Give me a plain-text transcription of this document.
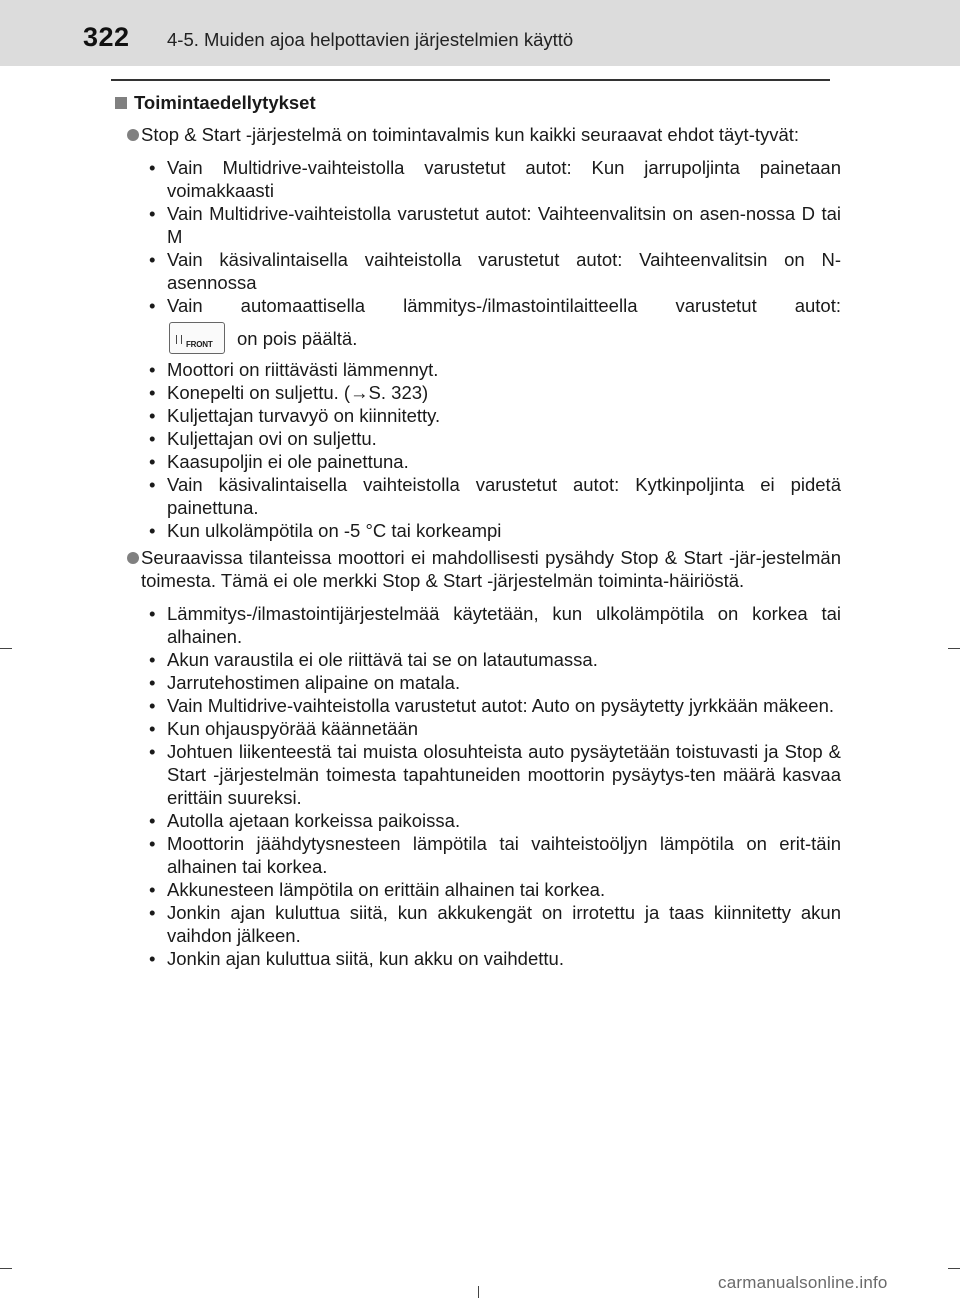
322 4-5. Muiden ajoa helpottavien järjestelmien käyttö
Toimintaedellytykset
Stop & Start -järjestelmä on toimintavalmis kun kaikki seuraavat ehdot täyt-tyvät:
• Vain Multidrive-vaihteistolla varustetut autot: Kun jarrupoljinta painetaan voimakkaasti
• Vain Multidrive-vaihteistolla varustetut autot: Vaihteenvalitsin on asen-nossa D tai M
• Vain käsivalintaisella vaihteistolla varustetut autot: Vaihteenvalitsin on N-asennossa
• Vain automaattisella lämmitys-/ilmastointilaitteella varustetut autot:
FRONT on pois päältä.
• Moottori on riittävästi lämmennyt.
• Konepelti on suljettu. (→S. 323)
• Kuljettajan turvavyö on kiinnitetty.
• Kuljettajan ovi on suljettu.
• Kaasupoljin ei ole painettuna.
• Vain käsivalintaisella vaihteistolla varustetut autot: Kytkinpoljinta ei pidetä painettuna.
• Kun ulkolämpötila on -5 °C tai korkeampi
Seuraavissa tilanteissa moottori ei mahdollisesti pysähdy Stop & Start -jär-jestelmän toimesta. Tämä ei ole merkki Stop & Start -järjestelmän toiminta-häiriöstä.
• Lämmitys-/ilmastointijärjestelmää käytetään, kun ulkolämpötila on korkea tai alhainen.
• Akun varaustila ei ole riittävä tai se on latautumassa.
• Jarrutehostimen alipaine on matala.
• Vain Multidrive-vaihteistolla varustetut autot: Auto on pysäytetty jyrkkään mäkeen.
• Kun ohjauspyörää käännetään
• Johtuen liikenteestä tai muista olosuhteista auto pysäytetään toistuvasti ja Stop & Start -järjestelmän toimesta tapahtuneiden moottorin pysäytys-ten määrä kasvaa erittäin suureksi.
• Autolla ajetaan korkeissa paikoissa.
• Moottorin jäähdytysnesteen lämpötila tai vaihteistoöljyn lämpötila on erit-täin alhainen tai korkea.
• Akkunesteen lämpötila on erittäin alhainen tai korkea.
• Jonkin ajan kuluttua siitä, kun akkukengät on irrotettu ja taas kiinnitetty akun vaihdon jälkeen.
• Jonkin ajan kuluttua siitä, kun akku on vaihdettu.
carmanualsonline.info
